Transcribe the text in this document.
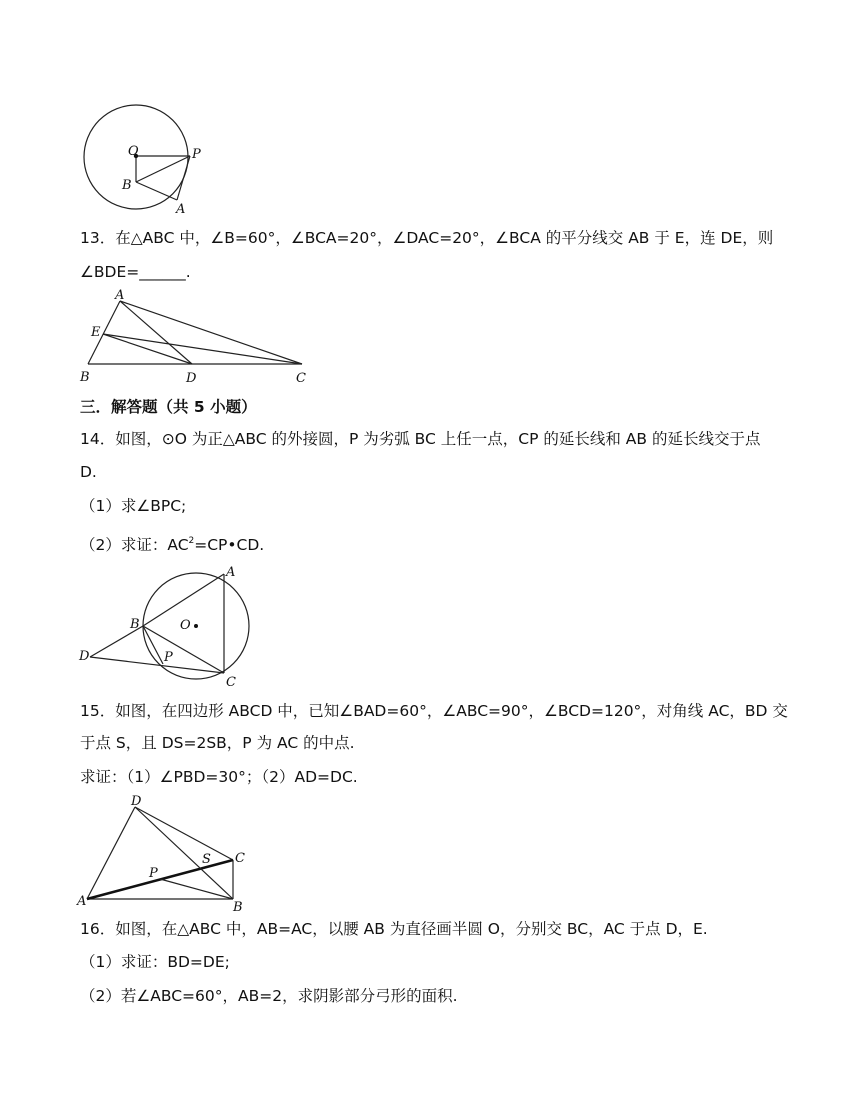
O	P
B
A
13．在△ABC 中，∠B=60°，∠BCA=20°，∠DAC=20°，∠BCA 的平分线交 AB 于 E，连 DE，则
∠BDE=______.
A
E
B	D	C
三．解答题（共 5 小题）
14．如图，⊙O 为正△ABC 的外接圆，P 为劣弧 BC 上任一点，CP 的延长线和 AB 的延长线交于点
D.
（1）求∠BPC;
（2）求证：$AC^2=CP•CD$.
A
B	O
D	P
C
15．如图，在四边形 ABCD 中，已知∠BAD=60°，∠ABC=90°，∠BCD=120°，对角线 AC，BD 交
于点 S，且 DS=2SB，P 为 AC 的中点.
求证：（1）∠PBD=30°；（2）AD=DC.
D
S C
P
A	B
16．如图，在△ABC 中，AB=AC，以腰 AB 为直径画半圆 O，分别交 BC，AC 于点 D，E.
（1）求证：BD=DE;
（2）若∠ABC=60°，AB=2，求阴影部分弓形的面积.
